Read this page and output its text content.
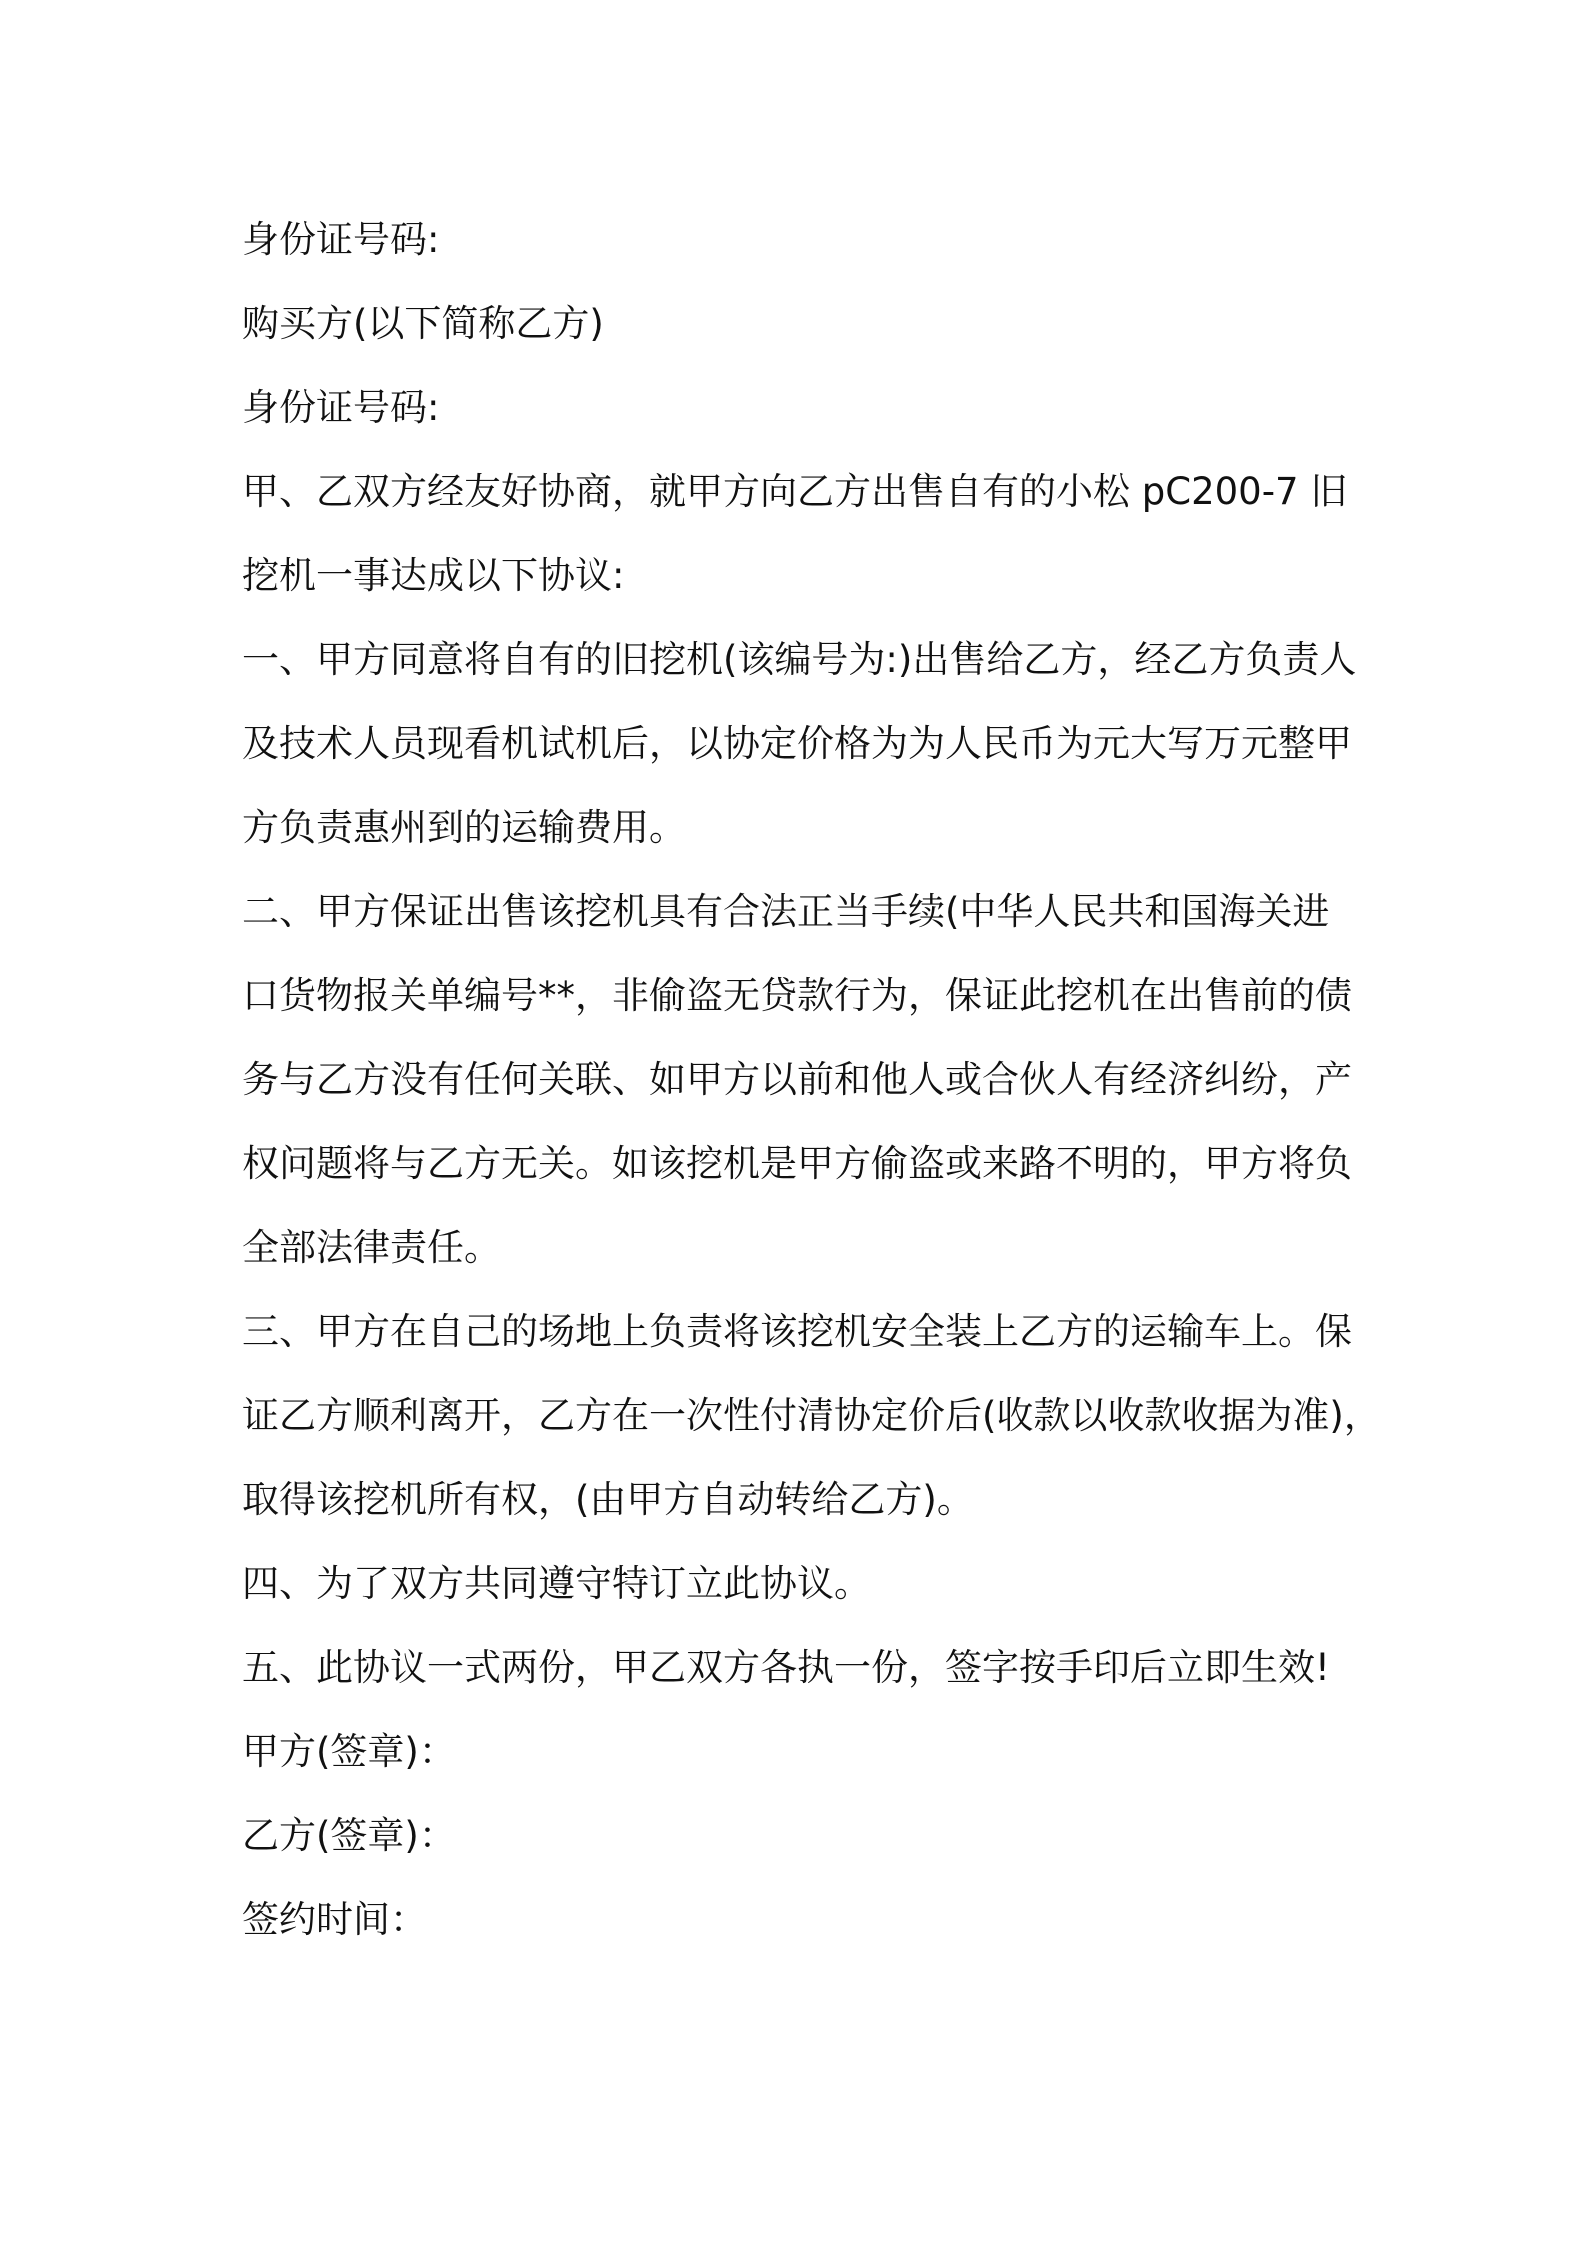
身份证号码:

购买方(以下简称乙方)

身份证号码:

甲、乙双方经友好协商，就甲方向乙方出售自有的小松 pC200-7 旧

挖机一事达成以下协议:

一、甲方同意将自有的旧挖机(该编号为:)出售给乙方，经乙方负责人

及技术人员现看机试机后，以协定价格为为人民币为元大写万元整甲

方负责惠州到的运输费用。

二、甲方保证出售该挖机具有合法正当手续(中华人民共和国海关进

口货物报关单编号**，非偷盗无贷款行为，保证此挖机在出售前的债

务与乙方没有任何关联、如甲方以前和他人或合伙人有经济纠纷，产

权问题将与乙方无关。如该挖机是甲方偷盗或来路不明的，甲方将负

全部法律责任。

三、甲方在自己的场地上负责将该挖机安全装上乙方的运输车上。保

证乙方顺利离开，乙方在一次性付清协定价后(收款以收款收据为准)，

取得该挖机所有权，(由甲方自动转给乙方)。

四、为了双方共同遵守特订立此协议。

五、此协议一式两份，甲乙双方各执一份，签字按手印后立即生效!

甲方(签章)：

乙方(签章)：

签约时间：
